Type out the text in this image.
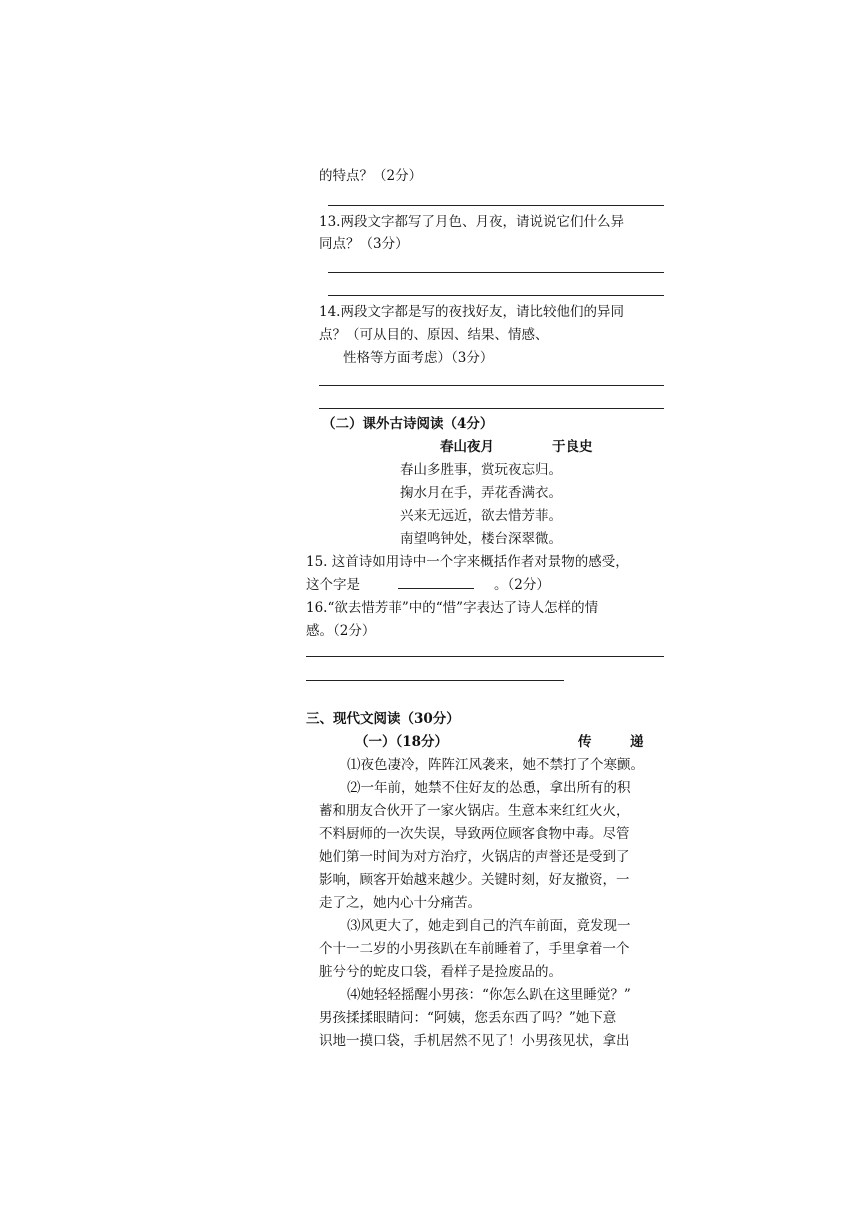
的特点？（2分）
13.两段文字都写了月色、月夜，请说说它们什么异
同点？（3分）
14.两段文字都是写的夜找好友，请比较他们的异同
点？（可从目的、原因、结果、情感、
性格等方面考虑）（3分）
（二）课外古诗阅读（4分）
春山夜月	于良史
春山多胜事，赏玩夜忘归。
掬水月在手，弄花香满衣。
兴来无远近，欲去惜芳菲。
南望鸣钟处，楼台深翠微。
15. 这首诗如用诗中一个字来概括作者对景物的感受，
这个字是	。（2分）
16.“欲去惜芳菲”中的“惜”字表达了诗人怎样的情
感。（2分）
三、现代文阅读（30分）
（一）（18分）	传	递
⑴夜色凄冷，阵阵江风袭来，她不禁打了个寒颤。
⑵一年前，她禁不住好友的怂恿，拿出所有的积
蓄和朋友合伙开了一家火锅店。生意本来红红火火，
不料厨师的一次失误，导致两位顾客食物中毒。尽管
她们第一时间为对方治疗，火锅店的声誉还是受到了
影响，顾客开始越来越少。关键时刻，好友撤资，一
走了之，她内心十分痛苦。
⑶风更大了，她走到自己的汽车前面，竟发现一
个十一二岁的小男孩趴在车前睡着了，手里拿着一个
脏兮兮的蛇皮口袋，看样子是捡废品的。
⑷她轻轻摇醒小男孩：“你怎么趴在这里睡觉？”
男孩揉揉眼睛问：“阿姨，您丢东西了吗？”她下意
识地一摸口袋，手机居然不见了！小男孩见状，拿出
